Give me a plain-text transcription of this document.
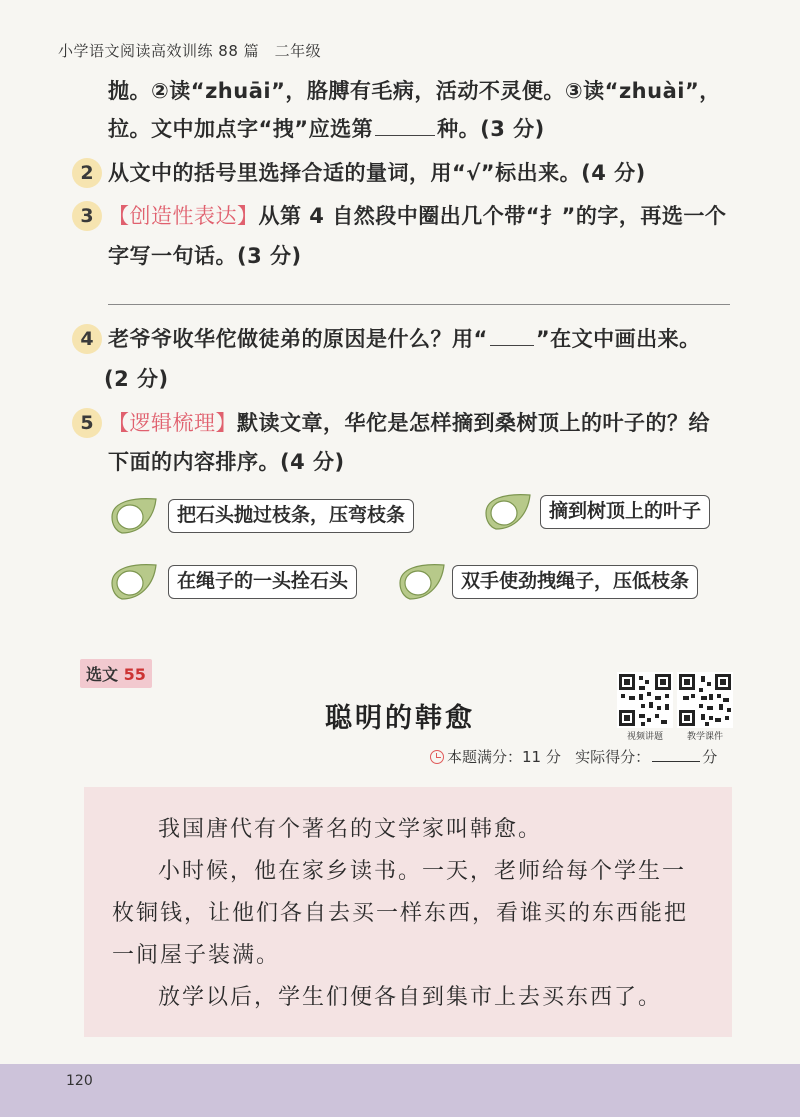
小学语文阅读高效训练 88 篇　二年级
抛。②读“zhuāi”，胳膊有毛病，活动不灵便。③读“zhuài”，
拉。文中加点字“拽”应选第	种。(3 分)
2 从文中的括号里选择合适的量词，用“√”标出来。(4 分)
3 【创造性表达】从第 4 自然段中圈出几个带“扌”的字，再选一个
字写一句话。(3 分)
4 老爷爷收华佗做徒弟的原因是什么？用“ ”在文中画出来。
(2 分)
5 【逻辑梳理】默读文章，华佗是怎样摘到桑树顶上的叶子的？给
下面的内容排序。(4 分)
把石头抛过枝条，压弯枝条	摘到树顶上的叶子
在绳子的一头拴石头	双手使劲拽绳子，压低枝条
选文 55
聪明的韩愈
视频讲题	教学课件
本题满分：11 分 实际得分：	分
我国唐代有个著名的文学家叫韩愈。
小时候，他在家乡读书。一天，老师给每个学生一
枚铜钱，让他们各自去买一样东西，看谁买的东西能把
一间屋子装满。
放学以后，学生们便各自到集市上去买东西了。
120
